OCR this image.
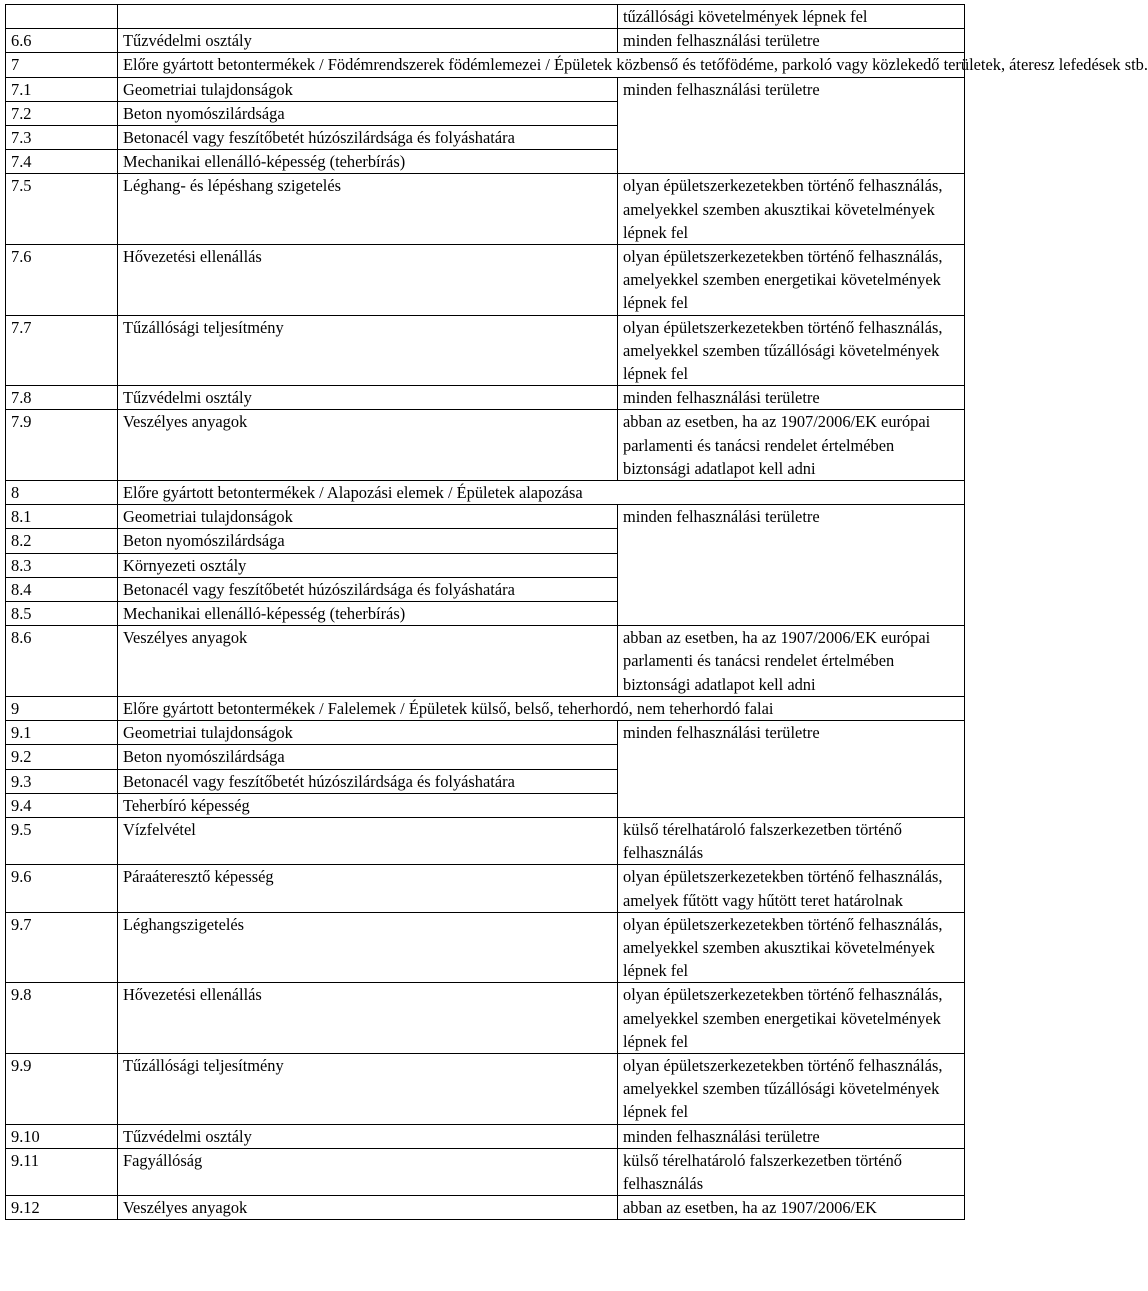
		tűzállósági követelmények lépnek fel
6.6	Tűzvédelmi osztály	minden felhasználási területre
7	Előre gyártott betontermékek / Födémrendszerek födémlemezei / Épületek közbenső és tetőfödéme, parkoló vagy közlekedő területek, áteresz lefedések stb.	
7.1	Geometriai tulajdonságok	minden felhasználási területre
7.2	Beton nyomószilárdsága	
7.3	Betonacél vagy feszítőbetét húzószilárdsága és folyáshatára	
7.4	Mechanikai ellenálló-képesség (teherbírás)	
7.5	Léghang- és lépéshang szigetelés	olyan épületszerkezetekben történő felhasználás, amelyekkel szemben akusztikai követelmények lépnek fel
7.6	Hővezetési ellenállás	olyan épületszerkezetekben történő felhasználás, amelyekkel szemben energetikai követelmények lépnek fel
7.7	Tűzállósági teljesítmény	olyan épületszerkezetekben történő felhasználás, amelyekkel szemben tűzállósági követelmények lépnek fel
7.8	Tűzvédelmi osztály	minden felhasználási területre
7.9	Veszélyes anyagok	abban az esetben, ha az 1907/2006/EK európai parlamenti és tanácsi rendelet értelmében biztonsági adatlapot kell adni
8	Előre gyártott betontermékek / Alapozási elemek / Épületek alapozása	
8.1	Geometriai tulajdonságok	minden felhasználási területre
8.2	Beton nyomószilárdsága	
8.3	Környezeti osztály	
8.4	Betonacél vagy feszítőbetét húzószilárdsága és folyáshatára	
8.5	Mechanikai ellenálló-képesség (teherbírás)	
8.6	Veszélyes anyagok	abban az esetben, ha az 1907/2006/EK európai parlamenti és tanácsi rendelet értelmében biztonsági adatlapot kell adni
9	Előre gyártott betontermékek / Falelemek / Épületek külső, belső, teherhordó, nem teherhordó falai	
9.1	Geometriai tulajdonságok	minden felhasználási területre
9.2	Beton nyomószilárdsága	
9.3	Betonacél vagy feszítőbetét húzószilárdsága és folyáshatára	
9.4	Teherbíró képesség	
9.5	Vízfelvétel	külső térelhatároló falszerkezetben történő felhasználás
9.6	Páraáteresztő képesség	olyan épületszerkezetekben történő felhasználás, amelyek fűtött vagy hűtött teret határolnak
9.7	Léghangszigetelés	olyan épületszerkezetekben történő felhasználás, amelyekkel szemben akusztikai követelmények lépnek fel
9.8	Hővezetési ellenállás	olyan épületszerkezetekben történő felhasználás, amelyekkel szemben energetikai követelmények lépnek fel
9.9	Tűzállósági teljesítmény	olyan épületszerkezetekben történő felhasználás, amelyekkel szemben tűzállósági követelmények lépnek fel
9.10	Tűzvédelmi osztály	minden felhasználási területre
9.11	Fagyállóság	külső térelhatároló falszerkezetben történő felhasználás
9.12	Veszélyes anyagok	abban az esetben, ha az 1907/2006/EK
